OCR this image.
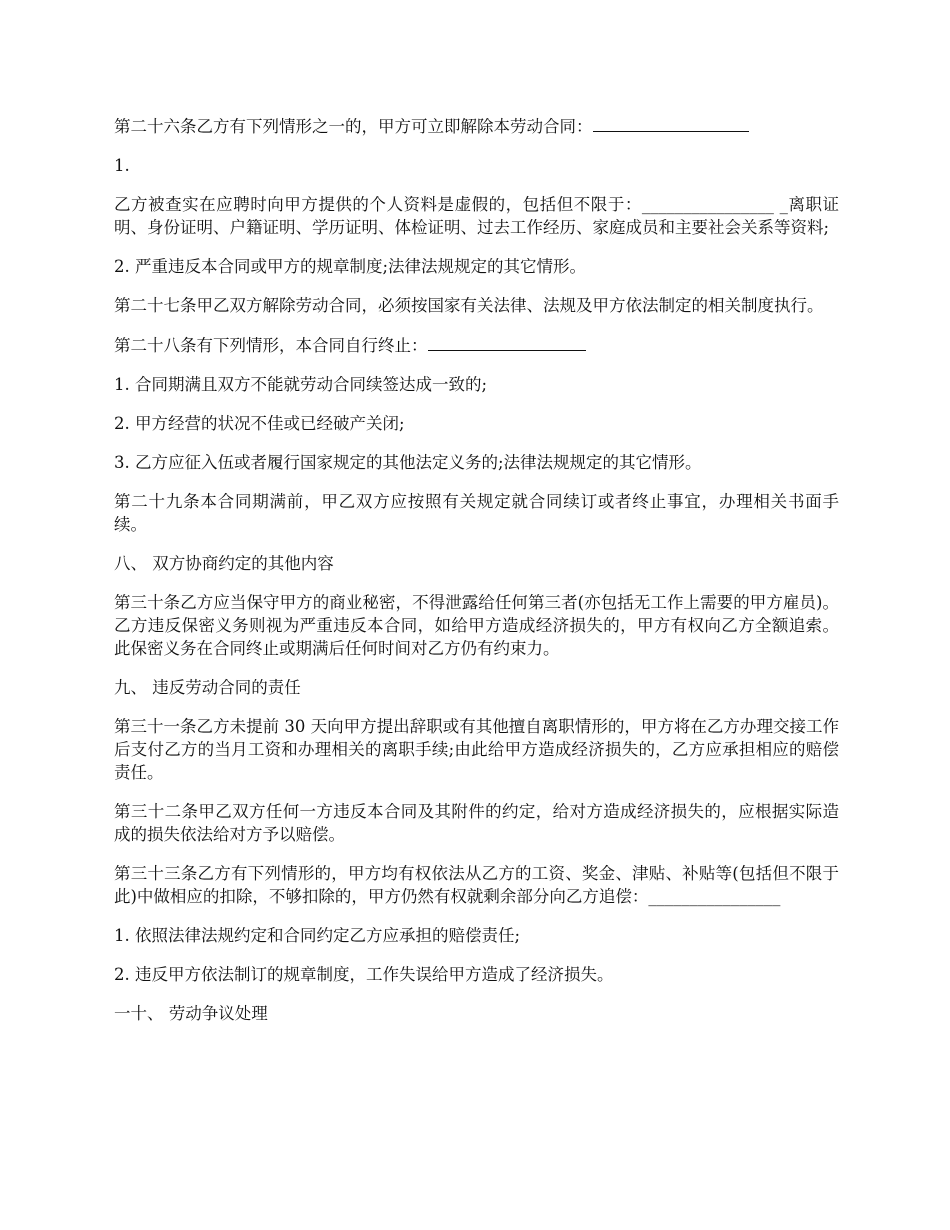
第二十六条乙方有下列情形之一的，甲方可立即解除本劳动合同：

1.

乙方被查实在应聘时向甲方提供的个人资料是虚假的，包括但不限于：________________ _离职证明、身份证明、户籍证明、学历证明、体检证明、过去工作经历、家庭成员和主要社会关系等资料;

2. 严重违反本合同或甲方的规章制度;法律法规规定的其它情形。

第二十七条甲乙双方解除劳动合同，必须按国家有关法律、法规及甲方依法制定的相关制度执行。

第二十八条有下列情形，本合同自行终止：

1. 合同期满且双方不能就劳动合同续签达成一致的;

2. 甲方经营的状况不佳或已经破产关闭;

3. 乙方应征入伍或者履行国家规定的其他法定义务的;法律法规规定的其它情形。

第二十九条本合同期满前，甲乙双方应按照有关规定就合同续订或者终止事宜，办理相关书面手续。

八、 双方协商约定的其他内容

第三十条乙方应当保守甲方的商业秘密，不得泄露给任何第三者(亦包括无工作上需要的甲方雇员)。乙方违反保密义务则视为严重违反本合同，如给甲方造成经济损失的，甲方有权向乙方全额追索。此保密义务在合同终止或期满后任何时间对乙方仍有约束力。

九、 违反劳动合同的责任

第三十一条乙方未提前 30 天向甲方提出辞职或有其他擅自离职情形的，甲方将在乙方办理交接工作后支付乙方的当月工资和办理相关的离职手续;由此给甲方造成经济损失的，乙方应承担相应的赔偿责任。

第三十二条甲乙双方任何一方违反本合同及其附件的约定，给对方造成经济损失的，应根据实际造成的损失依法给对方予以赔偿。

第三十三条乙方有下列情形的，甲方均有权依法从乙方的工资、奖金、津贴、补贴等(包括但不限于此)中做相应的扣除，不够扣除的，甲方仍然有权就剩余部分向乙方追偿：________________

1. 依照法律法规约定和合同约定乙方应承担的赔偿责任;

2. 违反甲方依法制订的规章制度，工作失误给甲方造成了经济损失。

一十、 劳动争议处理
